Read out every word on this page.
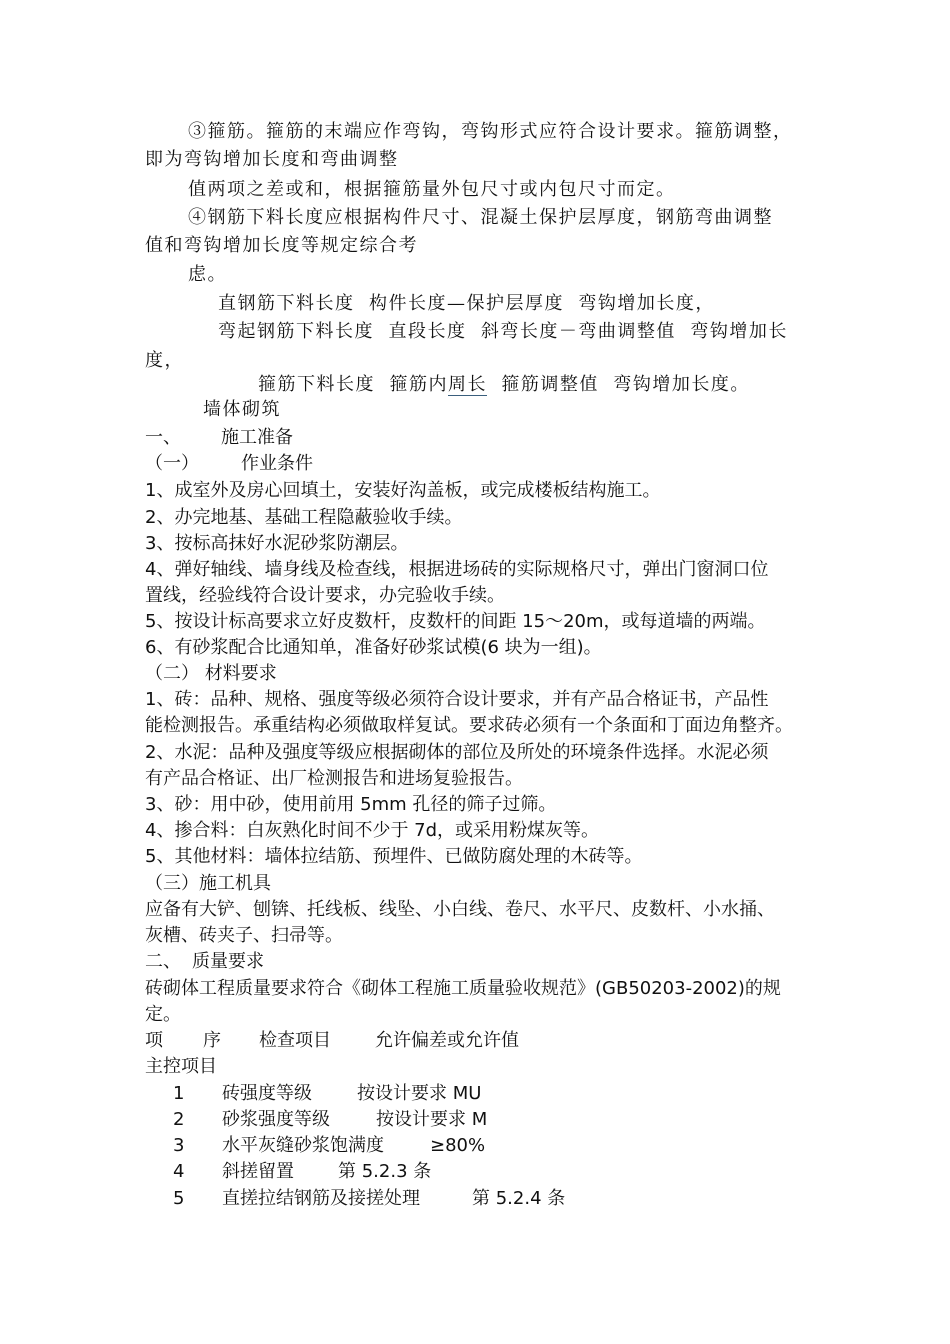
③箍筋。箍筋的末端应作弯钩，弯钩形式应符合设计要求。箍筋调整，
即为弯钩增加长度和弯曲调整
值两项之差或和，根据箍筋量外包尺寸或内包尺寸而定。
④钢筋下料长度应根据构件尺寸、混凝土保护层厚度，钢筋弯曲调整
值和弯钩增加长度等规定综合考
虑。
直钢筋下料长度  构件长度—保护层厚度  弯钩增加长度，
弯起钢筋下料长度  直段长度  斜弯长度－弯曲调整值  弯钩增加长
度，
箍筋下料长度  箍筋内周长  箍筋调整值  弯钩增加长度。
墙体砌筑
一、 施工准备
（一） 作业条件
1、成室外及房心回填土，安装好沟盖板，或完成楼板结构施工。
2、办完地基、基础工程隐蔽验收手续。
3、按标高抹好水泥砂浆防潮层。
4、弹好轴线、墙身线及检查线，根据进场砖的实际规格尺寸，弹出门窗洞口位
置线，经验线符合设计要求，办完验收手续。
5、按设计标高要求立好皮数杆，皮数杆的间距 15～20m，或每道墙的两端。
6、有砂浆配合比通知单，准备好砂浆试模(6 块为一组)。
（二） 材料要求
1、砖：品种、规格、强度等级必须符合设计要求，并有产品合格证书，产品性
能检测报告。承重结构必须做取样复试。要求砖必须有一个条面和丁面边角整齐。
2、水泥：品种及强度等级应根据砌体的部位及所处的环境条件选择。水泥必须
有产品合格证、出厂检测报告和进场复验报告。
3、砂：用中砂，使用前用 5mm 孔径的筛子过筛。
4、掺合料：白灰熟化时间不少于 7d，或采用粉煤灰等。
5、其他材料：墙体拉结筋、预埋件、已做防腐处理的木砖等。
（三）施工机具
应备有大铲、刨锛、托线板、线坠、小白线、卷尺、水平尺、皮数杆、小水捅、
灰槽、砖夹子、扫帚等。
二、 质量要求
砖砌体工程质量要求符合《砌体工程施工质量验收规范》(GB50203-2002)的规
定。
项 序 检查项目 允许偏差或允许值
主控项目
1 砖强度等级	按设计要求 MU
2 砂浆强度等级	按设计要求 M
3 水平灰缝砂浆饱满度	≥80%
4 斜搓留置 第 5.2.3 条
5 直搓拉结钢筋及接搓处理	第 5.2.4 条
